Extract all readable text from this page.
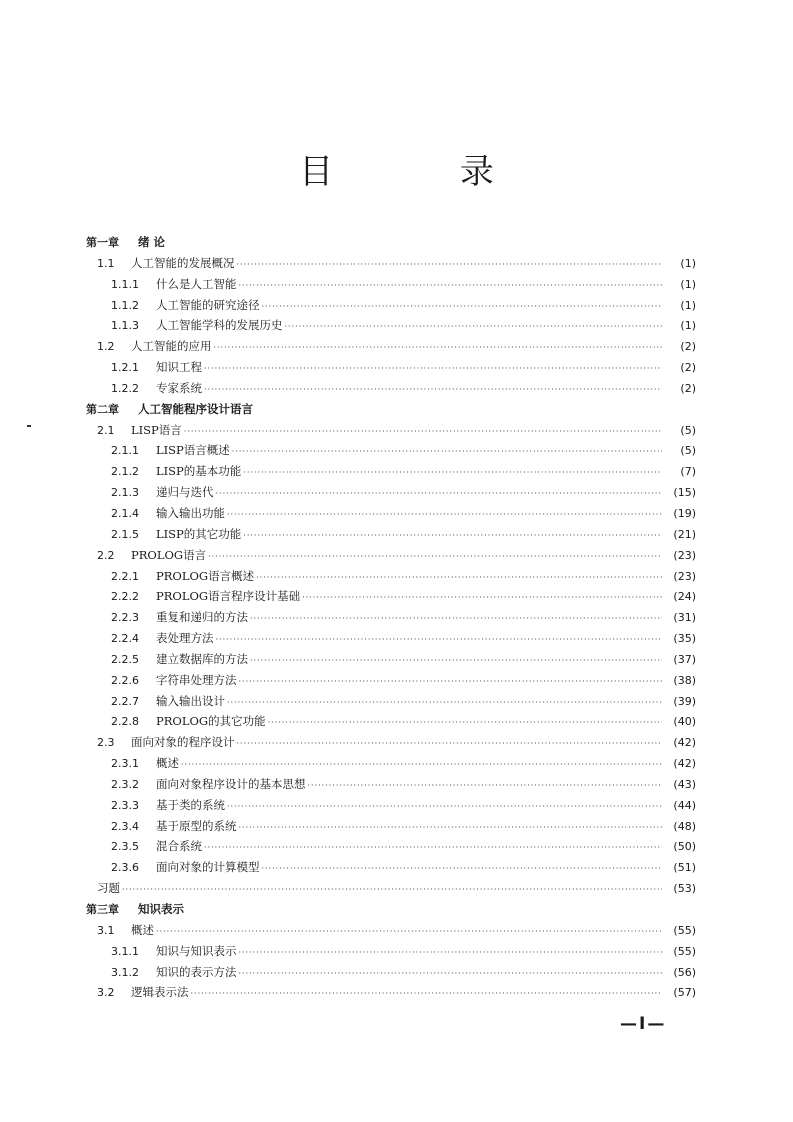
目 录
第一章	绪 论
1.1	人工智能的发展概况 ·····	(1)
1.1.1	什么是人工智能 ·····	(1)
1.1.2	人工智能的研究途径 ·····	(1)
1.1.3	人工智能学科的发展历史 ·····	(1)
1.2	人工智能的应用 ·····	(2)
1.2.1	知识工程 ·····	(2)
1.2.2	专家系统 ·····	(2)
第二章	人工智能程序设计语言
2.1	LISP语言 ·····	(5)
2.1.1	LISP语言概述 ·····	(5)
2.1.2	LISP的基本功能 ·····	(7)
2.1.3	递归与迭代 ·····	(15)
2.1.4	输入输出功能 ·····	(19)
2.1.5	LISP的其它功能 ·····	(21)
2.2	PROLOG语言 ·····	(23)
2.2.1	PROLOG语言概述 ·····	(23)
2.2.2	PROLOG语言程序设计基础 ·····	(24)
2.2.3	重复和递归的方法 ·····	(31)
2.2.4	表处理方法 ·····	(35)
2.2.5	建立数据库的方法 ·····	(37)
2.2.6	字符串处理方法 ·····	(38)
2.2.7	输入输出设计 ·····	(39)
2.2.8	PROLOG的其它功能 ·····	(40)
2.3	面向对象的程序设计 ·····	(42)
2.3.1	概述 ·····	(42)
2.3.2	面向对象程序设计的基本思想 ·····	(43)
2.3.3	基于类的系统 ·····	(44)
2.3.4	基于原型的系统 ·····	(48)
2.3.5	混合系统 ·····	(50)
2.3.6	面向对象的计算模型 ·····	(51)
习题 ·····	(53)
第三章	知识表示
3.1	概述 ·····	(55)
3.1.1	知识与知识表示 ·····	(55)
3.1.2	知识的表示方法 ·····	(56)
3.2	逻辑表示法 ·····	(57)
—I—
